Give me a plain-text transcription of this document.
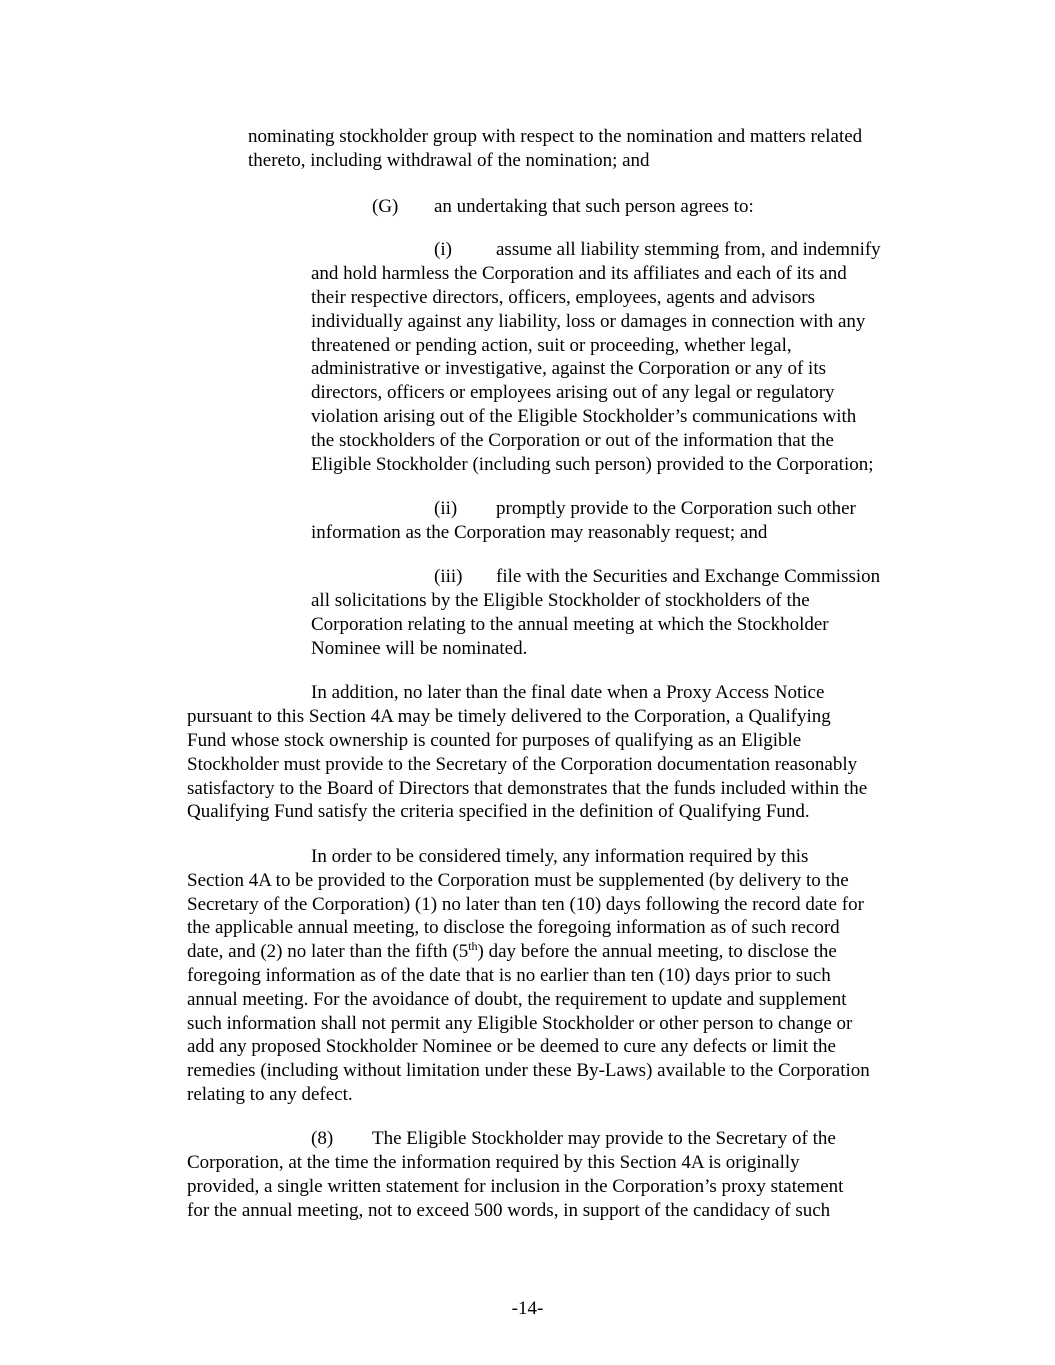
nominating stockholder group with respect to the nomination and matters related
thereto, including withdrawal of the nomination; and
(G) an undertaking that such person agrees to:
(i) assume all liability stemming from, and indemnify
and hold harmless the Corporation and its affiliates and each of its and
their respective directors, officers, employees, agents and advisors
individually against any liability, loss or damages in connection with any
threatened or pending action, suit or proceeding, whether legal,
administrative or investigative, against the Corporation or any of its
directors, officers or employees arising out of any legal or regulatory
violation arising out of the Eligible Stockholder’s communications with
the stockholders of the Corporation or out of the information that the
Eligible Stockholder (including such person) provided to the Corporation;
(ii) promptly provide to the Corporation such other
information as the Corporation may reasonably request; and
(iii) file with the Securities and Exchange Commission
all solicitations by the Eligible Stockholder of stockholders of the
Corporation relating to the annual meeting at which the Stockholder
Nominee will be nominated.
In addition, no later than the final date when a Proxy Access Notice
pursuant to this Section 4A may be timely delivered to the Corporation, a Qualifying
Fund whose stock ownership is counted for purposes of qualifying as an Eligible
Stockholder must provide to the Secretary of the Corporation documentation reasonably
satisfactory to the Board of Directors that demonstrates that the funds included within the
Qualifying Fund satisfy the criteria specified in the definition of Qualifying Fund.
In order to be considered timely, any information required by this
Section 4A to be provided to the Corporation must be supplemented (by delivery to the
Secretary of the Corporation) (1) no later than ten (10) days following the record date for
the applicable annual meeting, to disclose the foregoing information as of such record
date, and (2) no later than the fifth (5th) day before the annual meeting, to disclose the
foregoing information as of the date that is no earlier than ten (10) days prior to such
annual meeting. For the avoidance of doubt, the requirement to update and supplement
such information shall not permit any Eligible Stockholder or other person to change or
add any proposed Stockholder Nominee or be deemed to cure any defects or limit the
remedies (including without limitation under these By-Laws) available to the Corporation
relating to any defect.
(8) The Eligible Stockholder may provide to the Secretary of the
Corporation, at the time the information required by this Section 4A is originally
provided, a single written statement for inclusion in the Corporation’s proxy statement
for the annual meeting, not to exceed 500 words, in support of the candidacy of such
-14-
